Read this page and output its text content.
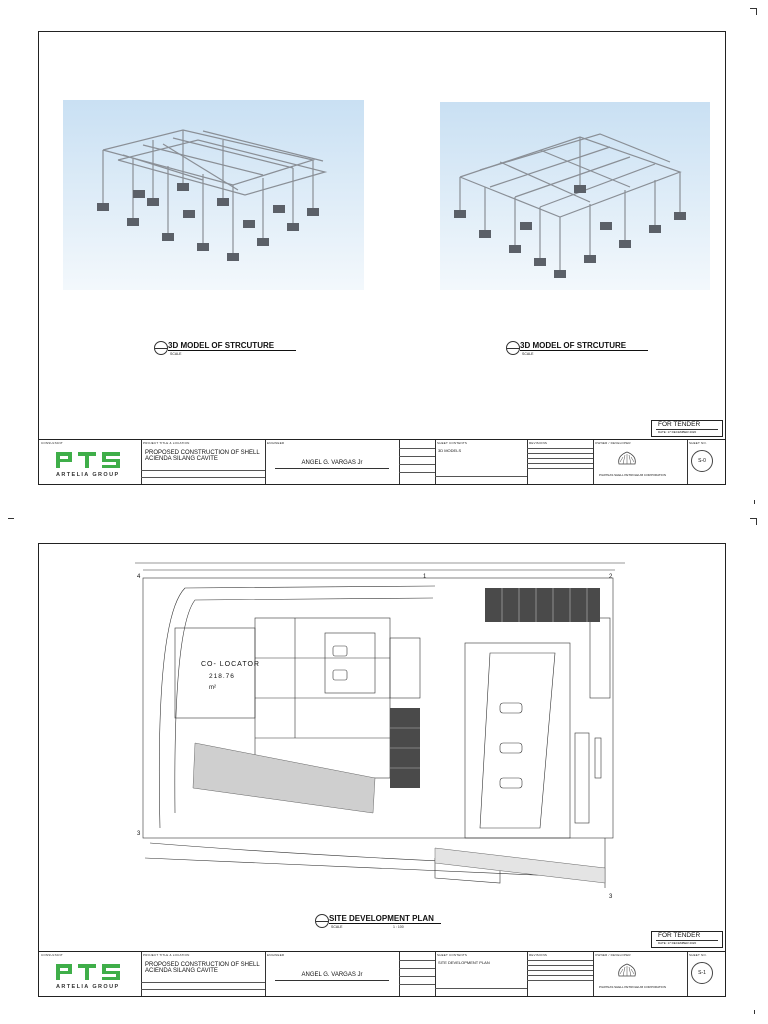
3D MODEL OF STRCUTURE
SCALE
3D MODEL OF STRCUTURE
SCALE
FOR TENDER
DATE: 17 DECEMBER 2020
CONSULTANT
ARTELIA GROUP
PROJECT TITLE & LOCATION
PROPOSED CONSTRUCTION OF SHELL
ACIENDA SILANG CAVITE
ENGINEER
ANGEL G. VARGAS Jr
SHEET CONTENTS
3D MODELS
REVISIONS	OWNER / DEVELOPER
PILIPINAS SHELL PETROLEUM CORPORATION
SHEET NO.
S-0
4	1	2
3
3
CO- LOCATOR
218.76
m²
SITE DEVELOPMENT PLAN
SCALE	1 : 100
FOR TENDER
DATE: 17 DECEMBER 2020
CONSULTANT
ARTELIA GROUP
PROJECT TITLE & LOCATION
PROPOSED CONSTRUCTION OF SHELL
ACIENDA SILANG CAVITE
ENGINEER
ANGEL G. VARGAS Jr
SHEET CONTENTS
SITE DEVELOPMENT PLAN
REVISIONS	OWNER / DEVELOPER
PILIPINAS SHELL PETROLEUM CORPORATION
SHEET NO.
S-1
